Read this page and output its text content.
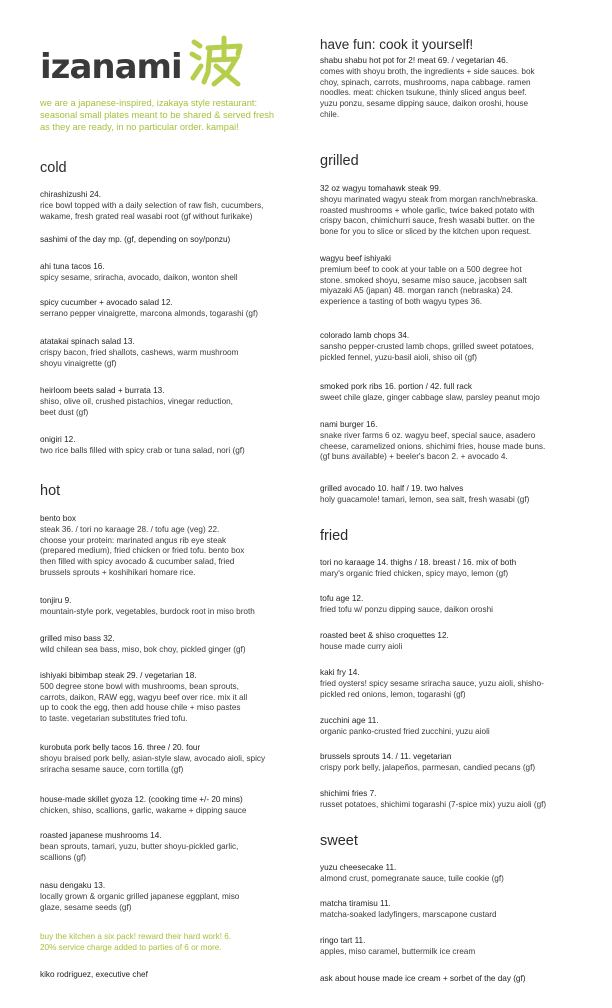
izanami
we are a japanese-inspired, izakaya style restaurant:
seasonal small plates meant to be shared & served fresh
as they are ready, in no particular order. kampai!
cold
chirashizushi 24.
rice bowl topped with a daily selection of raw fish, cucumbers,
wakame, fresh grated real wasabi root (gf without furikake)
sashimi of the day mp. (gf, depending on soy/ponzu)
ahi tuna tacos 16.
spicy sesame, sriracha, avocado, daikon, wonton shell
spicy cucumber + avocado salad 12.
serrano pepper vinaigrette, marcona almonds, togarashi (gf)
atatakai spinach salad 13.
crispy bacon, fried shallots, cashews, warm mushroom
shoyu vinaigrette (gf)
heirloom beets salad + burrata 13.
shiso, olive oil, crushed pistachios, vinegar reduction,
beet dust (gf)
onigiri 12.
two rice balls filled with spicy crab or tuna salad, nori (gf)
hot
bento box
steak 36. / tori no karaage 28. / tofu age (veg) 22.
choose your protein: marinated angus rib eye steak
(prepared medium), fried chicken or fried tofu. bento box
then filled with spicy avocado & cucumber salad, fried
brussels sprouts + koshihikari homare rice.
tonjiru 9.
mountain-style pork, vegetables, burdock root in miso broth
grilled miso bass 32.
wild chilean sea bass, miso, bok choy, pickled ginger (gf)
ishiyaki bibimbap steak 29. / vegetarian 18.
500 degree stone bowl with mushrooms, bean sprouts,
carrots, daikon, RAW egg, wagyu beef over rice. mix it all
up to cook the egg, then add house chile + miso pastes
to taste. vegetarian substitutes fried tofu.
kurobuta pork belly tacos 16. three / 20. four
shoyu braised pork belly, asian-style slaw, avocado aioli, spicy
sriracha sesame sauce, corn tortilla (gf)
house-made skillet gyoza 12. (cooking time +/- 20 mins)
chicken, shiso, scallions, garlic, wakame + dipping sauce
roasted japanese mushrooms 14.
bean sprouts, tamari, yuzu, butter shoyu-pickled garlic,
scallions (gf)
nasu dengaku 13.
locally grown & organic grilled japanese eggplant, miso
glaze, sesame seeds (gf)
buy the kitchen a six pack! reward their hard work! 6.
20% service charge added to parties of 6 or more.
kiko rodriguez, executive chef
have fun: cook it yourself!
shabu shabu hot pot for 2! meat 69. / vegetarian 46.
comes with shoyu broth, the ingredients + side sauces. bok
choy, spinach, carrots, mushrooms, napa cabbage. ramen
noodles. meat: chicken tsukune, thinly sliced angus beef.
yuzu ponzu, sesame dipping sauce, daikon oroshi, house
chile.
grilled
32 oz wagyu tomahawk steak 99.
shoyu marinated wagyu steak from morgan ranch/nebraska.
roasted mushrooms + whole garlic, twice baked potato with
crispy bacon, chimichurri sauce, fresh wasabi butter. on the
bone for you to slice or sliced by the kitchen upon request.
wagyu beef ishiyaki
premium beef to cook at your table on a 500 degree hot
stone. smoked shoyu, sesame miso sauce, jacobsen salt
miyazaki A5 (japan) 48. morgan ranch (nebraska) 24.
experience a tasting of both wagyu types 36.
colorado lamb chops 34.
sansho pepper-crusted lamb chops, grilled sweet potatoes,
pickled fennel, yuzu-basil aioli, shiso oil (gf)
smoked pork ribs 16. portion / 42. full rack
sweet chile glaze, ginger cabbage slaw, parsley peanut mojo
nami burger 16.
snake river farms 6 oz. wagyu beef, special sauce, asadero
cheese, caramelized onions. shichimi fries, house made buns.
(gf buns available) + beeler's bacon 2. + avocado 4.
grilled avocado 10. half / 19. two halves
holy guacamole! tamari, lemon, sea salt, fresh wasabi (gf)
fried
tori no karaage 14. thighs / 18. breast / 16. mix of both
mary's organic fried chicken, spicy mayo, lemon (gf)
tofu age 12.
fried tofu w/ ponzu dipping sauce, daikon oroshi
roasted beet & shiso croquettes 12.
house made curry aioli
kaki fry 14.
fried oysters! spicy sesame sriracha sauce, yuzu aioli, shisho-
pickled red onions, lemon, togarashi (gf)
zucchini age 11.
organic panko-crusted fried zucchini, yuzu aioli
brussels sprouts 14. / 11. vegetarian
crispy pork belly, jalapeños, parmesan, candied pecans (gf)
shichimi fries 7.
russet potatoes, shichimi togarashi (7-spice mix) yuzu aioli (gf)
sweet
yuzu cheesecake 11.
almond crust, pomegranate sauce, tuile cookie (gf)
matcha tiramisu 11.
matcha-soaked ladyfingers, marscapone custard
ringo tart 11.
apples, miso caramel, buttermilk ice cream
ask about house made ice cream + sorbet of the day (gf)
